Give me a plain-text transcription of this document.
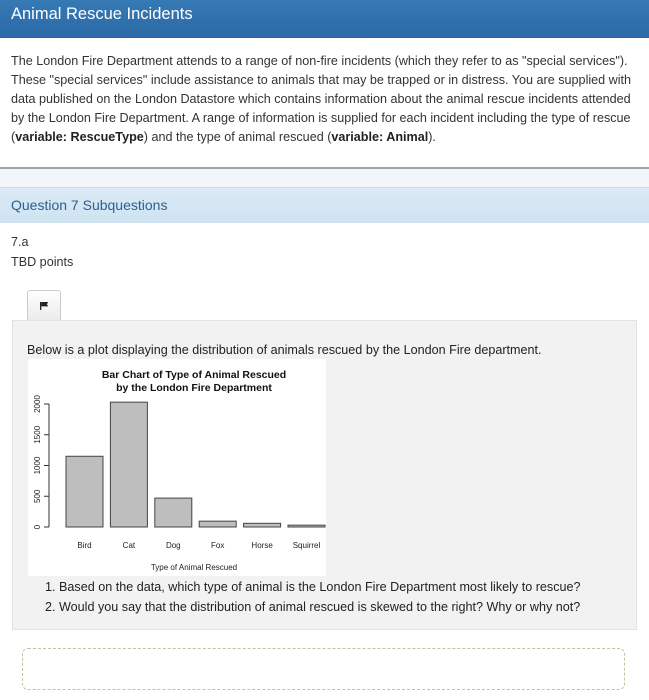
Animal Rescue Incidents
The London Fire Department attends to a range of non-fire incidents (which they refer to as "special services"). These "special services" include assistance to animals that may be trapped or in distress. You are supplied with data published on the London Datastore which contains information about the animal rescue incidents attended by the London Fire Department. A range of information is supplied for each incident including the type of rescue (variable: RescueType) and the type of animal rescued (variable: Animal).
Question 7 Subquestions
7.a
TBD points
Below is a plot displaying the distribution of animals rescued by the London Fire department.
Bar Chart of Type of Animal Rescued
by the London Fire Department
Bird	Cat	Dog	Fox	Horse Squirrel
0
500
1000
1500
2000
Type of Animal Rescued
1. Based on the data, which type of animal is the London Fire Department most likely to rescue?
2. Would you say that the distribution of animal rescued is skewed to the right? Why or why not?
